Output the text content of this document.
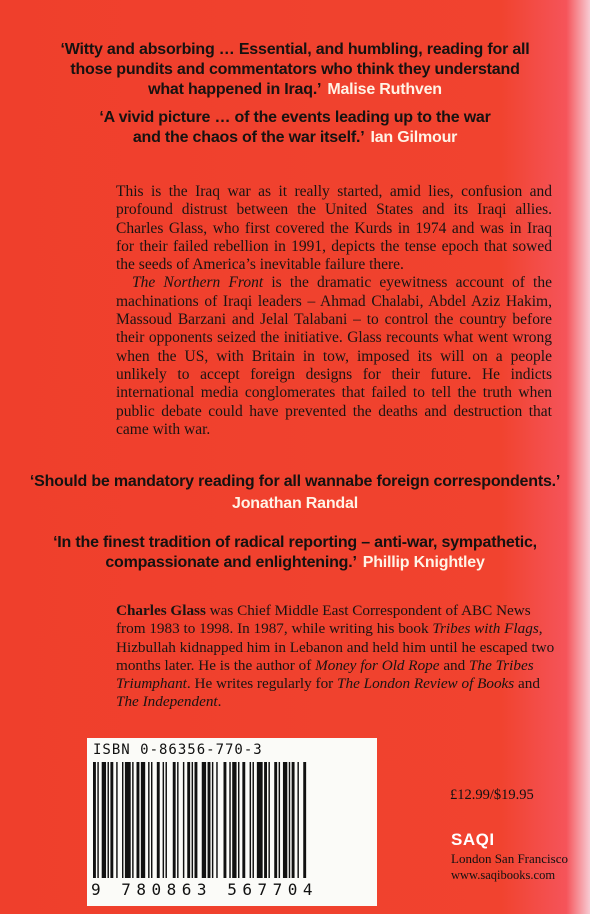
‘Witty and absorbing … Essential, and humbling, reading for all
those pundits and commentators who think they understand
what happened in Iraq.’ Malise Ruthven
‘A vivid picture … of the events leading up to the war
and the chaos of the war itself.’ Ian Gilmour

This is the Iraq war as it really started, amid lies, confusion and profound distrust between the United States and its Iraqi allies. Charles Glass, who first covered the Kurds in 1974 and was in Iraq for their failed rebellion in 1991, depicts the tense epoch that sowed the seeds of America’s inevitable failure there.

The Northern Front is the dramatic eyewitness account of the machinations of Iraqi leaders – Ahmad Chalabi, Abdel Aziz Hakim, Massoud Barzani and Jelal Talabani – to control the country before their opponents seized the initiative. Glass recounts what went wrong when the US, with Britain in tow, imposed its will on a people unlikely to accept foreign designs for their future. He indicts international media conglomerates that failed to tell the truth when public debate could have prevented the deaths and destruction that came with war.

‘Should be mandatory reading for all wannabe foreign correspondents.’
Jonathan Randal
‘In the finest tradition of radical reporting – anti-war, sympathetic,
compassionate and enlightening.’ Phillip Knightley
Charles Glass was Chief Middle East Correspondent of ABC News from 1983 to 1998. In 1987, while writing his book Tribes with Flags, Hizbullah kidnapped him in Lebanon and held him until he escaped two months later. He is the author of Money for Old Rope and The Tribes Triumphant. He writes regularly for The London Review of Books and The Independent.
ISBN 0-86356-770-3
9 780863 567704
£12.99/$19.95
SAQI
London San Francisco
www.saqibooks.com
